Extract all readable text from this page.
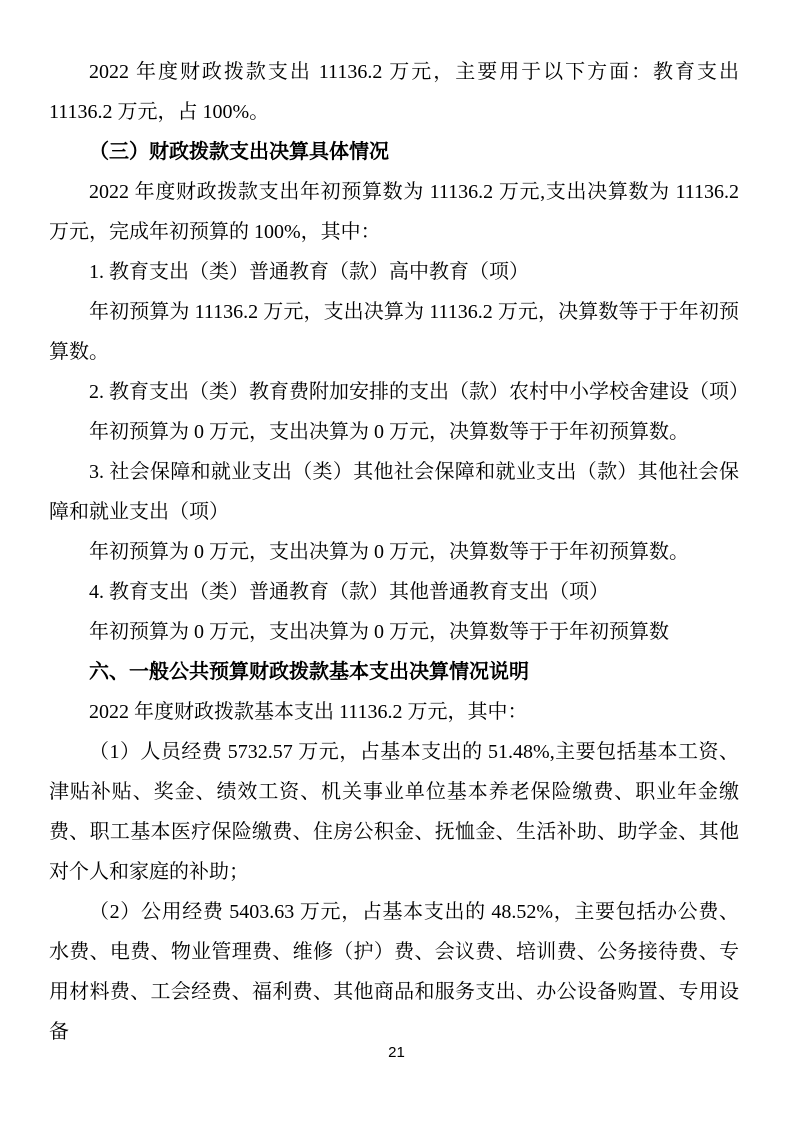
2022 年度财政拨款支出 11136.2 万元，主要用于以下方面：教育支出 11136.2 万元，占 100%。

（三）财政拨款支出决算具体情况

2022 年度财政拨款支出年初预算数为 11136.2 万元,支出决算数为 11136.2 万元，完成年初预算的 100%，其中：

1. 教育支出（类）普通教育（款）高中教育（项）

年初预算为 11136.2 万元，支出决算为 11136.2 万元，决算数等于于年初预算数。

2. 教育支出（类）教育费附加安排的支出（款）农村中小学校舍建设（项）

年初预算为 0 万元，支出决算为 0 万元，决算数等于于年初预算数。

3. 社会保障和就业支出（类）其他社会保障和就业支出（款）其他社会保障和就业支出（项）

年初预算为 0 万元，支出决算为 0 万元，决算数等于于年初预算数。

4. 教育支出（类）普通教育（款）其他普通教育支出（项）

年初预算为 0 万元，支出决算为 0 万元，决算数等于于年初预算数

六、一般公共预算财政拨款基本支出决算情况说明

2022 年度财政拨款基本支出 11136.2 万元，其中：

（1）人员经费 5732.57 万元，占基本支出的 51.48%,主要包括基本工资、津贴补贴、奖金、绩效工资、机关事业单位基本养老保险缴费、职业年金缴费、职工基本医疗保险缴费、住房公积金、抚恤金、生活补助、助学金、其他对个人和家庭的补助；

（2）公用经费 5403.63 万元，占基本支出的 48.52%，主要包括办公费、水费、电费、物业管理费、维修（护）费、会议费、培训费、公务接待费、专用材料费、工会经费、福利费、其他商品和服务支出、办公设备购置、专用设备

21
